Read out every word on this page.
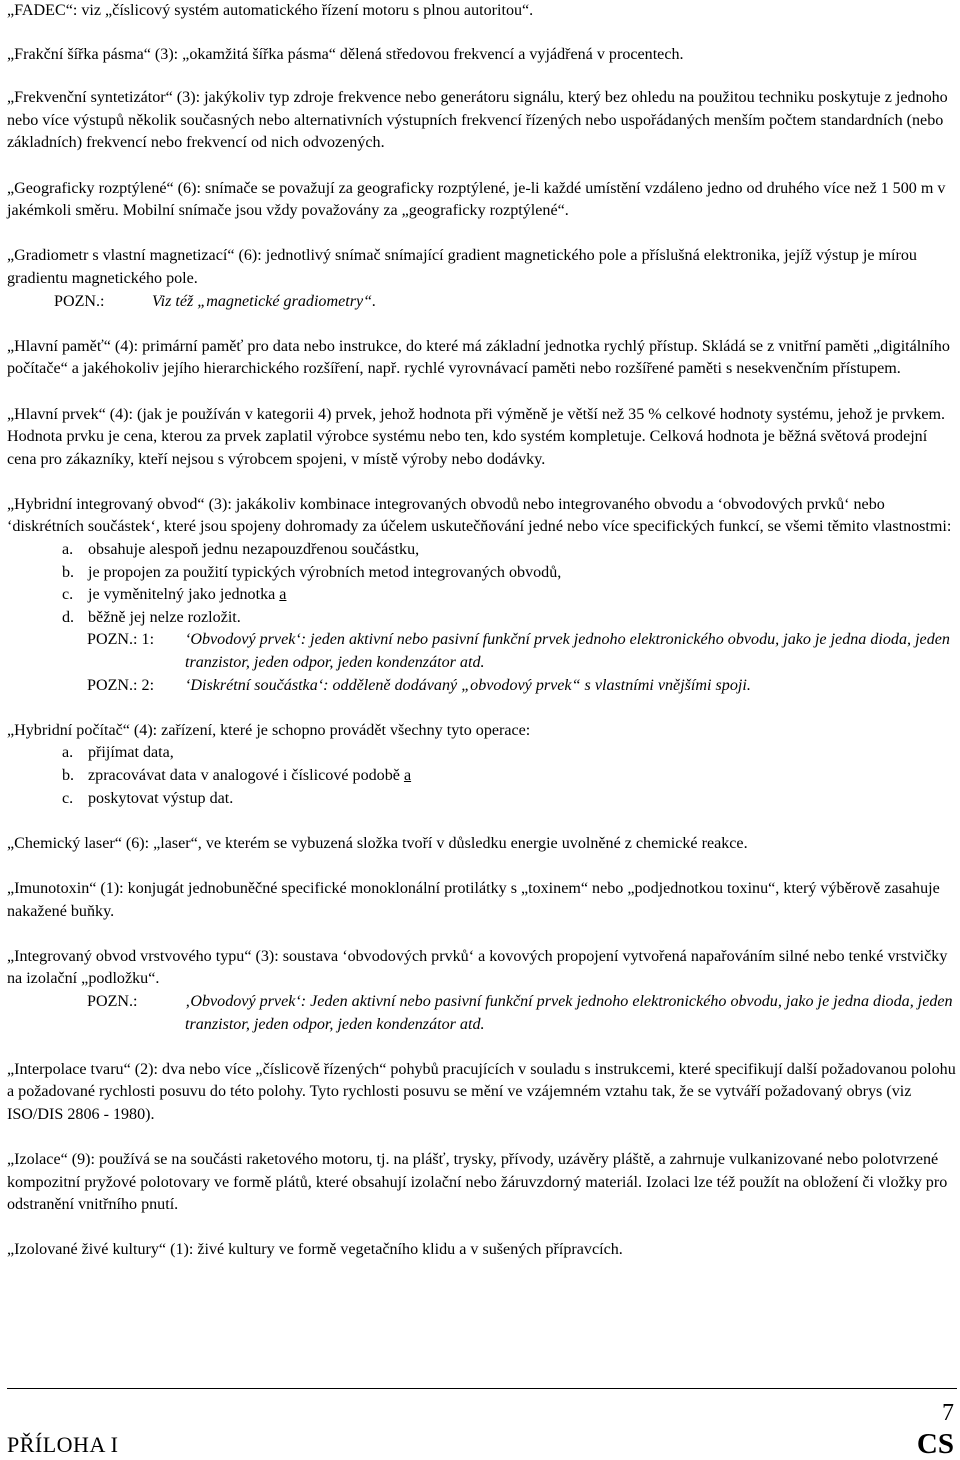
„FADEC“: viz „číslicový systém automatického řízení motoru s plnou autoritou“.

„Frakční šířka pásma“ (3): „okamžitá šířka pásma“ dělená středovou frekvencí a vyjádřená v procentech.

„Frekvenční syntetizátor“ (3): jakýkoliv typ zdroje frekvence nebo generátoru signálu, který bez ohledu na použitou techniku poskytuje z jednoho nebo více výstupů několik současných nebo alternativních výstupních frekvencí řízených nebo uspořádaných menším počtem standardních (nebo základních) frekvencí nebo frekvencí od nich odvozených.

„Geograficky rozptýlené“ (6): snímače se považují za geograficky rozptýlené, je-li každé umístění vzdáleno jedno od druhého více než 1 500 m v jakémkoli směru. Mobilní snímače jsou vždy považovány za „geograficky rozptýlené“.

„Gradiometr s vlastní magnetizací“ (6): jednotlivý snímač snímající gradient magnetického pole a příslušná elektronika, jejíž výstup je mírou gradientu magnetického pole.

POZN.:	Viz též „magnetické gradiometry“.

„Hlavní paměť“ (4): primární paměť pro data nebo instrukce, do které má základní jednotka rychlý přístup. Skládá se z vnitřní paměti „digitálního počítače“ a jakéhokoliv jejího hierarchického rozšíření, např. rychlé vyrovnávací paměti nebo rozšířené paměti s nesekvenčním přístupem.

„Hlavní prvek“ (4): (jak je používán v kategorii 4) prvek, jehož hodnota při výměně je větší než 35 % celkové hodnoty systému, jehož je prvkem. Hodnota prvku je cena, kterou za prvek zaplatil výrobce systému nebo ten, kdo systém kompletuje. Celková hodnota je běžná světová prodejní cena pro zákazníky, kteří nejsou s výrobcem spojeni, v místě výroby nebo dodávky.

„Hybridní integrovaný obvod“ (3): jakákoliv kombinace integrovaných obvodů nebo integrovaného obvodu a ‘obvodových prvků‘ nebo ‘diskrétních součástek‘, které jsou spojeny dohromady za účelem uskutečňování jedné nebo více specifických funkcí, se všemi těmito vlastnostmi:

a. obsahuje alespoň jednu nezapouzdřenou součástku,
b. je propojen za použití typických výrobních metod integrovaných obvodů,
c. je vyměnitelný jako jednotka a
d. běžně jej nelze rozložit.
POZN.: 1:	‘Obvodový prvek‘: jeden aktivní nebo pasivní funkční prvek jednoho elektronického obvodu, jako je jedna dioda, jeden tranzistor, jeden odpor, jeden kondenzátor atd.
POZN.: 2:	‘Diskrétní součástka‘: odděleně dodávaný „obvodový prvek“ s vlastními vnějšími spoji.

„Hybridní počítač“ (4): zařízení, které je schopno provádět všechny tyto operace:

a. přijímat data,
b. zpracovávat data v analogové i číslicové podobě a
c. poskytovat výstup dat.

„Chemický laser“ (6): „laser“, ve kterém se vybuzená složka tvoří v důsledku energie uvolněné z chemické reakce.

„Imunotoxin“ (1): konjugát jednobuněčné specifické monoklonální protilátky s „toxinem“ nebo „podjednotkou toxinu“, který výběrově zasahuje nakažené buňky.

„Integrovaný obvod vrstvového typu“ (3): soustava ‘obvodových prvků‘ a kovových propojení vytvořená napařováním silné nebo tenké vrstvičky na izolační „podložku“.

POZN.:	‚Obvodový prvek‘: Jeden aktivní nebo pasivní funkční prvek jednoho elektronického obvodu, jako je jedna dioda, jeden tranzistor, jeden odpor, jeden kondenzátor atd.

„Interpolace tvaru“ (2): dva nebo více „číslicově řízených“ pohybů pracujících v souladu s instrukcemi, které specifikují další požadovanou polohu a požadované rychlosti posuvu do této polohy. Tyto rychlosti posuvu se mění ve vzájemném vztahu tak, že se vytváří požadovaný obrys (viz ISO/DIS 2806 - 1980).

„Izolace“ (9): používá se na součásti raketového motoru, tj. na plášť, trysky, přívody, uzávěry pláště, a zahrnuje vulkanizované nebo polotvrzené kompozitní pryžové polotovary ve formě plátů, které obsahují izolační nebo žáruvzdorný materiál. Izolaci lze též použít na obložení či vložky pro odstranění vnitřního pnutí.

„Izolované živé kultury“ (1): živé kultury ve formě vegetačního klidu a v sušených přípravcích.

7
PŘÍLOHA I	CS
